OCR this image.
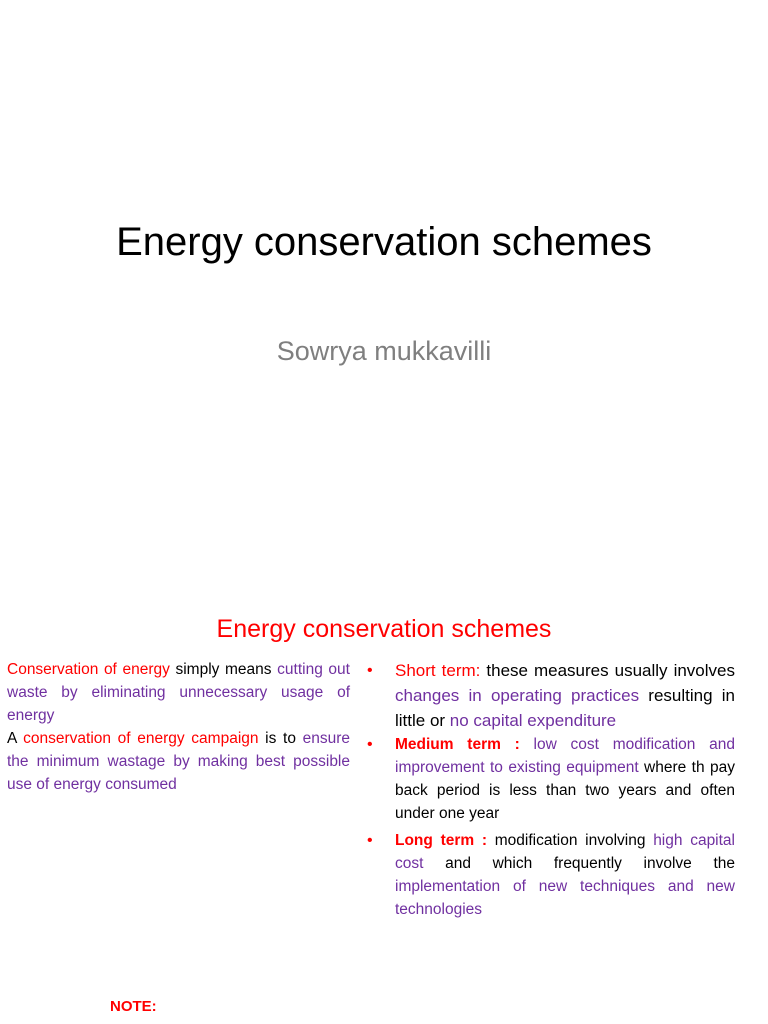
Energy conservation schemes
Sowrya mukkavilli
Energy conservation schemes

Conservation of energy simply means cutting out waste by eliminating unnecessary usage of energy

A conservation of energy campaign is to ensure the minimum wastage by making best possible use of energy consumed

• Short term: these measures usually involves changes in operating practices resulting in little or no capital expenditure
• Medium term : low cost modification and improvement to existing equipment where th pay back period is less than two years and often under one year
• Long term : modification involving high capital cost and which frequently involve the implementation of new techniques and new technologies
NOTE:
